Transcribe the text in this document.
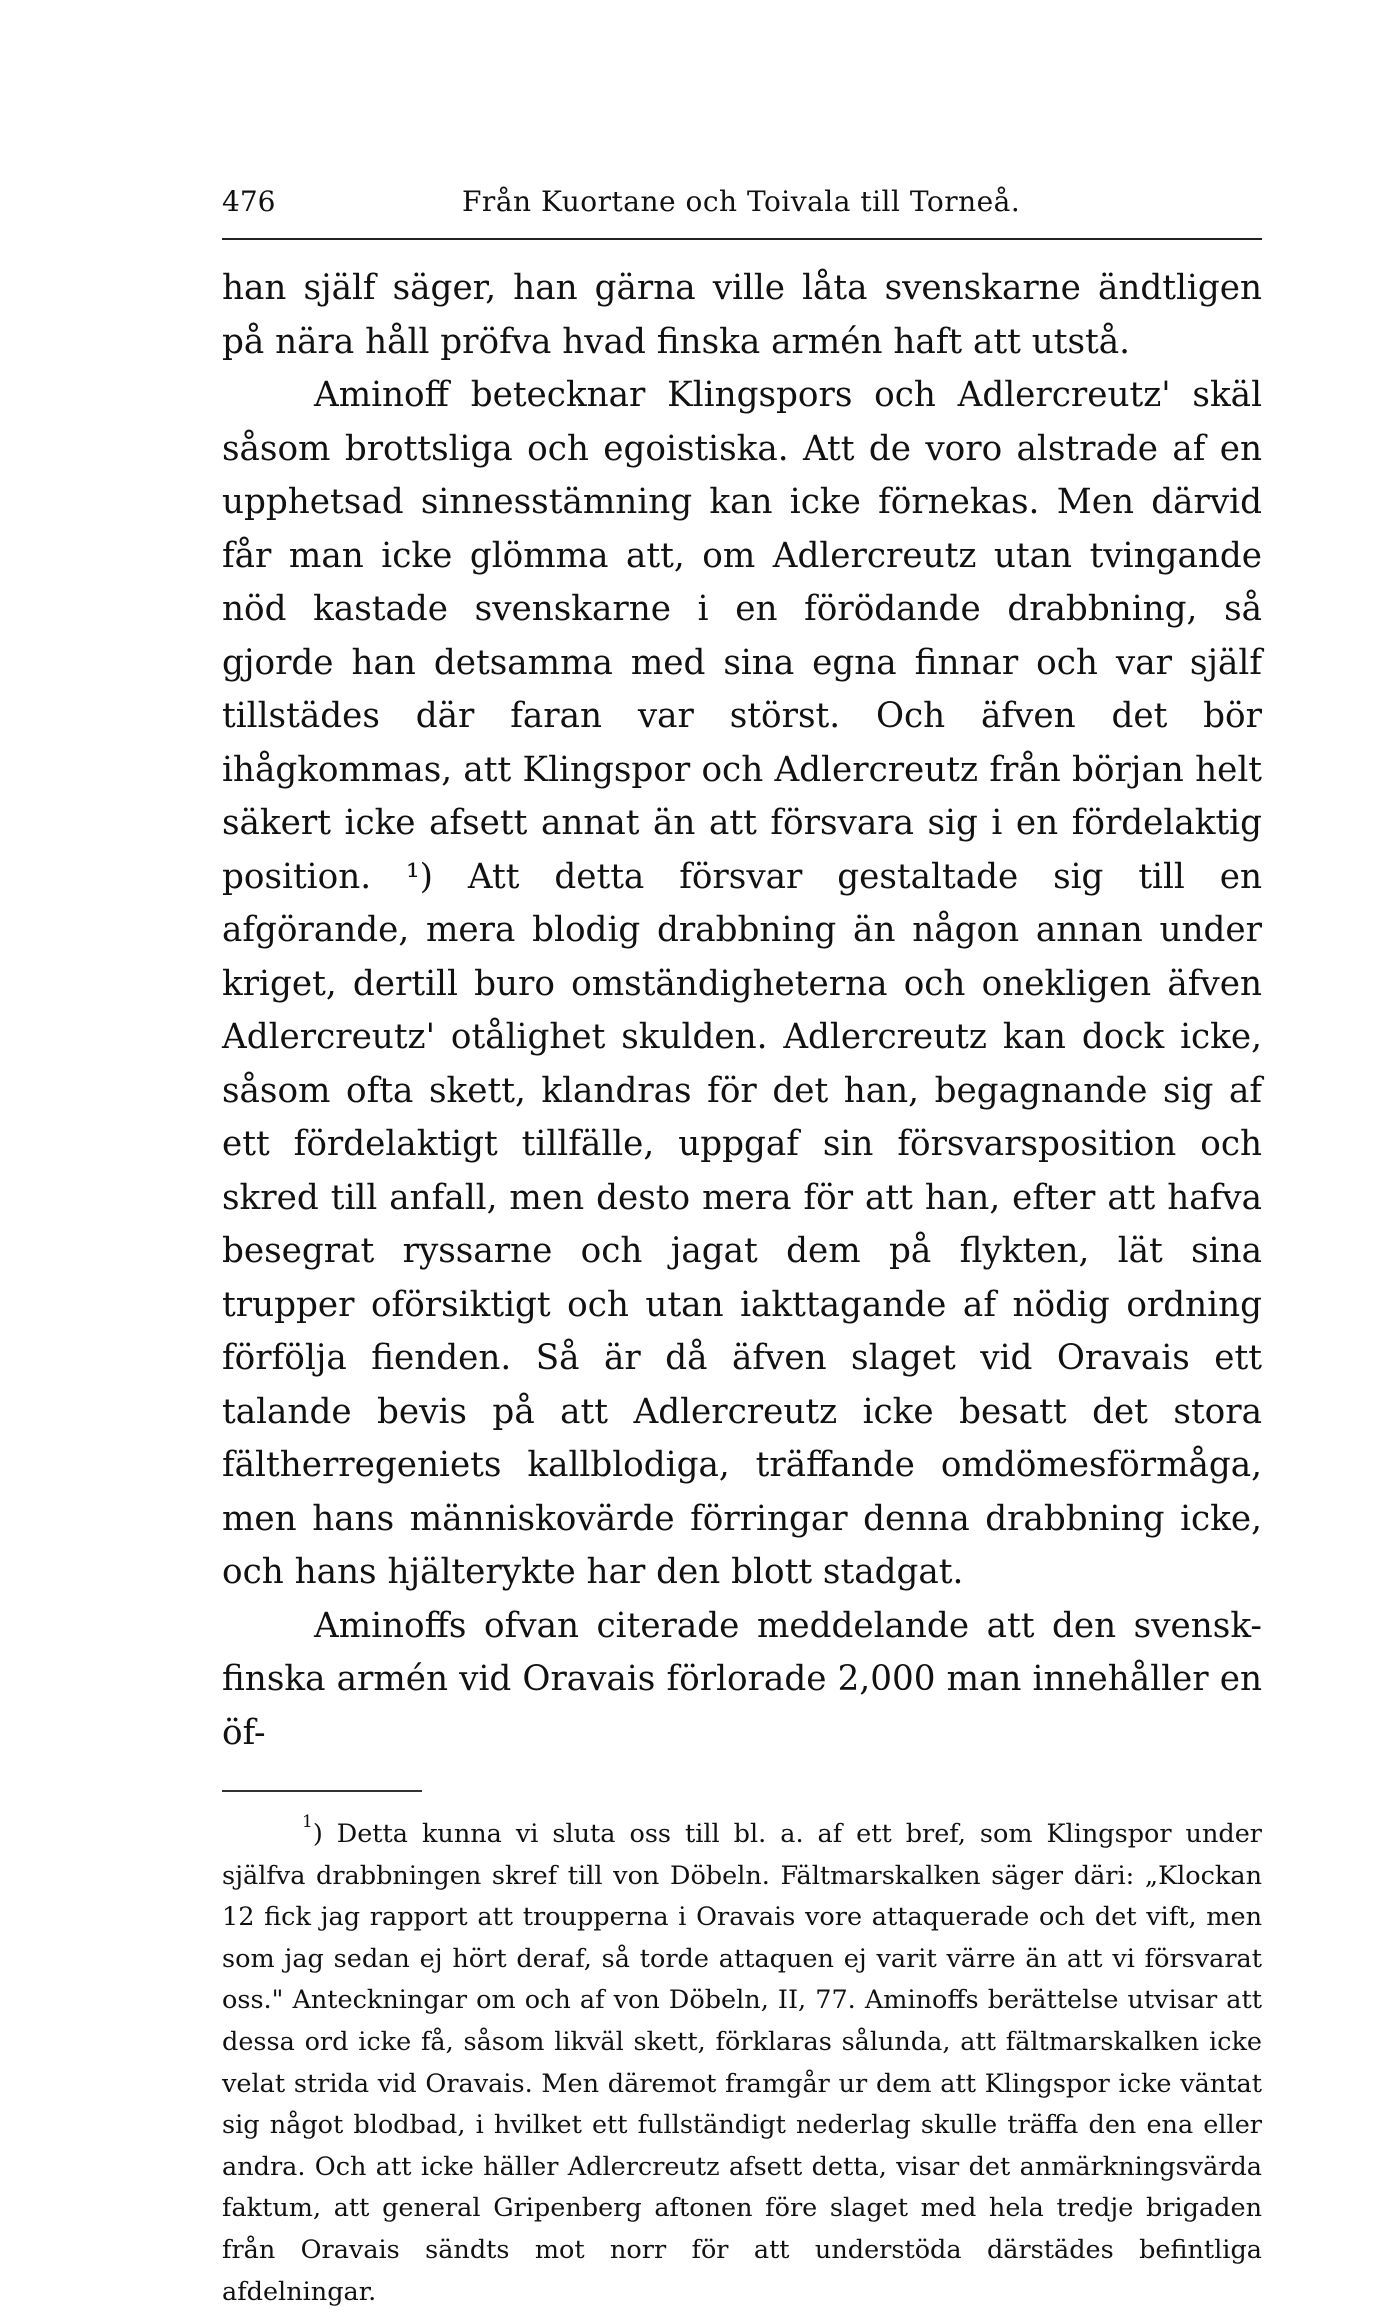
476	Från Kuortane och Toivala till Torneå.

han själf säger, han gärna ville låta svenskarne ändtligen på nära håll pröfva hvad finska armén haft att utstå.

Aminoff betecknar Klingspors och Adlercreutz' skäl såsom brottsliga och egoistiska. Att de voro alstrade af en upphetsad sinnesstämning kan icke förnekas. Men därvid får man icke glömma att, om Adlercreutz utan tvingande nöd kastade svenskarne i en förödande drabbning, så gjorde han detsamma med sina egna finnar och var själf tillstädes där faran var störst. Och äfven det bör ihågkommas, att Klingspor och Adlercreutz från början helt säkert icke afsett annat än att försvara sig i en fördelaktig position. ¹) Att detta försvar gestaltade sig till en afgörande, mera blodig drabbning än någon annan under kriget, dertill buro omständigheterna och onekligen äfven Adlercreutz' otålighet skulden. Adlercreutz kan dock icke, såsom ofta skett, klandras för det han, begagnande sig af ett fördelaktigt tillfälle, uppgaf sin försvarsposition och skred till anfall, men desto mera för att han, efter att hafva besegrat ryssarne och jagat dem på flykten, lät sina trupper oförsiktigt och utan iakttagande af nödig ordning förfölja fienden. Så är då äfven slaget vid Oravais ett talande bevis på att Adlercreutz icke besatt det stora fältherregeniets kallblodiga, träffande omdömesförmåga, men hans människovärde förringar denna drabbning icke, och hans hjälterykte har den blott stadgat.

Aminoffs ofvan citerade meddelande att den svensk-finska armén vid Oravais förlorade 2,000 man innehåller en öf-

$^1$) Detta kunna vi sluta oss till bl. a. af ett bref, som Klingspor under själfva drabbningen skref till von Döbeln. Fältmarskalken säger däri: „Klockan 12 fick jag rapport att trouppernа i Oravais vore attaquerade och det vift, men som jag sedan ej hört deraf, så torde attaquen ej varit värre än att vi försvarat oss." Anteckningar om och af von Döbeln, II, 77. Aminoffs berättelse utvisar att dessa ord icke få, såsom likväl skett, förklaras sålunda, att fältmarskalken icke velat strida vid Oravais. Men däremot framgår ur dem att Klingspor icke väntat sig något blodbad, i hvilket ett fullständigt nederlag skulle träffa den ena eller andra. Och att icke häller Adlercreutz afsett detta, visar det anmärkningsvärda faktum, att general Gripenberg aftonen före slaget med hela tredje brigaden från Oravais sändts mot norr för att understöda därstädes befintliga afdelningar.
